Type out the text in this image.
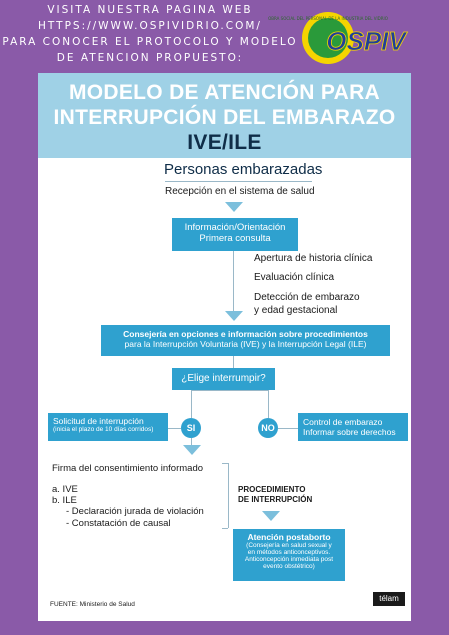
VISITA NUESTRA PAGINA WEB
HTTPS://WWW.OSPIVIDRIO.COM/
PARA CONOCER EL PROTOCOLO Y MODELO
DE ATENCION PROPUESTO:
OBRA SOCIAL DEL PERSONAL DE LA INDUSTRIA DEL VIDRIO
OSPIV
MODELO DE ATENCIÓN PARA
INTERRUPCIÓN DEL EMBARAZO
IVE/ILE
Personas embarazadas
Recepción en el sistema de salud
Información/Orientación
Primera consulta
Apertura de historia clínica
Evaluación clínica
Detección de embarazo
y edad gestacional
Consejería en opciones e información sobre procedimientos
para la Interrupción Voluntaria (IVE) y la Interrupción Legal (ILE)
¿Elige interrumpir?
SI	NO
Solicitud de interrupción
(inicia el plazo de 10 días corridos)
Control de embarazo
Informar sobre derechos
Firma del consentimiento informado
a. IVE
b. ILE
- Declaración jurada de violación
- Constatación de causal
PROCEDIMIENTO
DE INTERRUPCIÓN
Atención postaborto
(Consejería en salud sexual y
en métodos anticonceptivos.
Anticoncepción inmediata post
evento obstétrico)
FUENTE: Ministerio de Salud
télam
